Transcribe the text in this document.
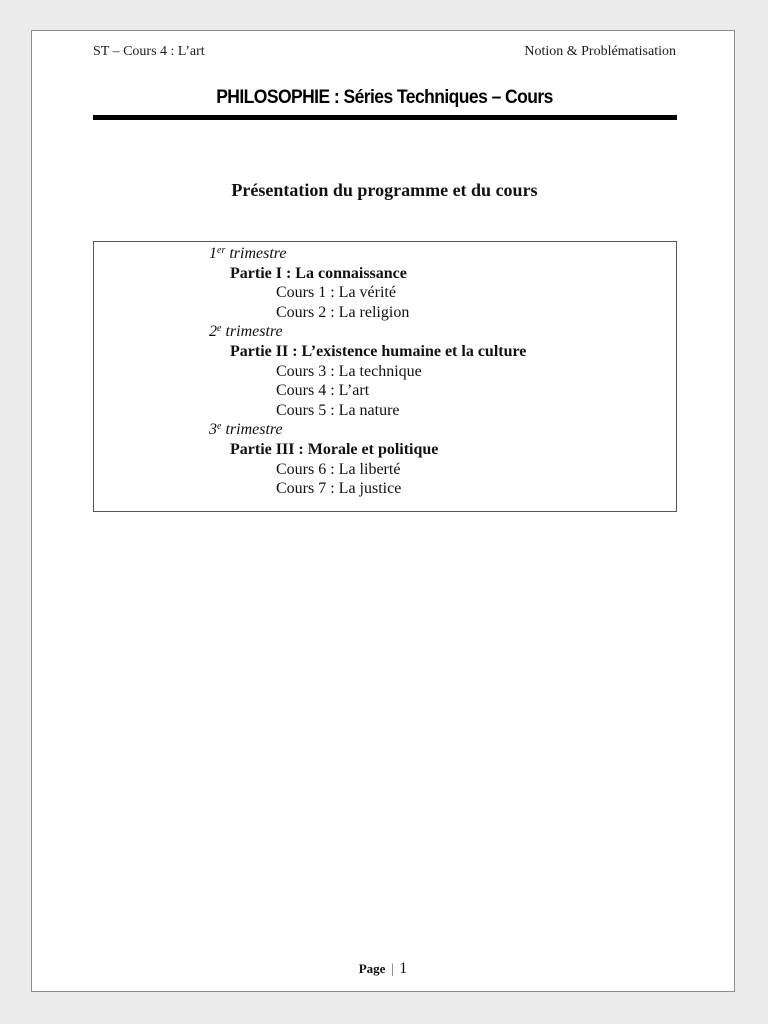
ST – Cours 4 : L’art	Notion & Problématisation
PHILOSOPHIE : Séries Techniques – Cours
Présentation du programme et du cours
1er trimestre
Partie I : La connaissance
Cours 1 : La vérité
Cours 2 : La religion
2e trimestre
Partie II : L’existence humaine et la culture
Cours 3 : La technique
Cours 4 : L’art
Cours 5 : La nature
3e trimestre
Partie III : Morale et politique
Cours 6 : La liberté
Cours 7 : La justice
Page | 1
